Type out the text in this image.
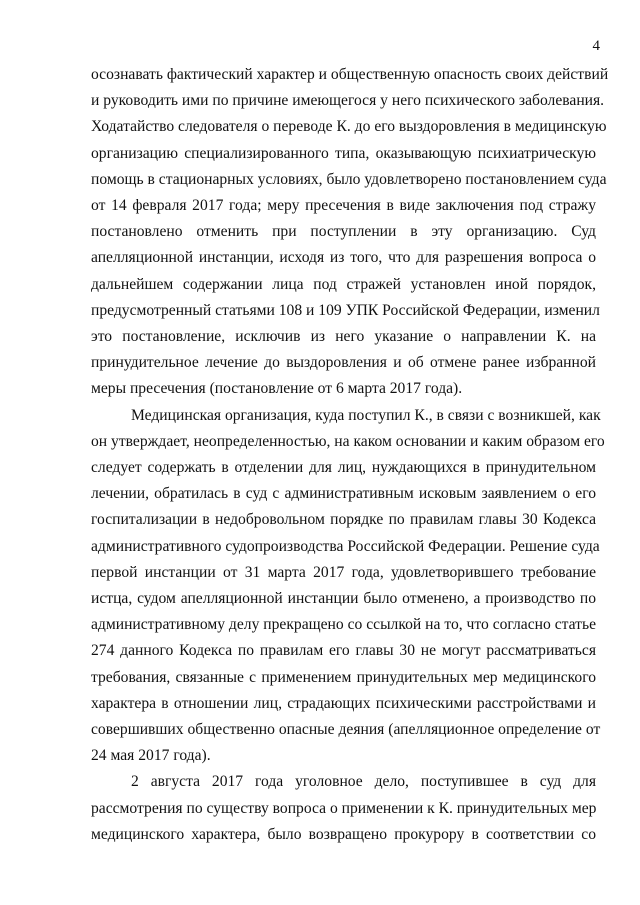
4
осознавать фактический характер и общественную опасность своих действий
и руководить ими по причине имеющегося у него психического заболевания.
Ходатайство следователя о переводе К. до его выздоровления в медицинскую
организацию специализированного типа, оказывающую психиатрическую
помощь в стационарных условиях, было удовлетворено постановлением суда
от 14 февраля 2017 года; меру пресечения в виде заключения под стражу
постановлено отменить при поступлении в эту организацию. Суд
апелляционной инстанции, исходя из того, что для разрешения вопроса о
дальнейшем содержании лица под стражей установлен иной порядок,
предусмотренный статьями 108 и 109 УПК Российской Федерации, изменил
это постановление, исключив из него указание о направлении К. на
принудительное лечение до выздоровления и об отмене ранее избранной
меры пресечения (постановление от 6 марта 2017 года).
Медицинская организация, куда поступил К., в связи с возникшей, как
он утверждает, неопределенностью, на каком основании и каким образом его
следует содержать в отделении для лиц, нуждающихся в принудительном
лечении, обратилась в суд с административным исковым заявлением о его
госпитализации в недобровольном порядке по правилам главы 30 Кодекса
административного судопроизводства Российской Федерации. Решение суда
первой инстанции от 31 марта 2017 года, удовлетворившего требование
истца, судом апелляционной инстанции было отменено, а производство по
административному делу прекращено со ссылкой на то, что согласно статье
274 данного Кодекса по правилам его главы 30 не могут рассматриваться
требования, связанные с применением принудительных мер медицинского
характера в отношении лиц, страдающих психическими расстройствами и
совершивших общественно опасные деяния (апелляционное определение от
24 мая 2017 года).
2 августа 2017 года уголовное дело, поступившее в суд для
рассмотрения по существу вопроса о применении к К. принудительных мер
медицинского характера, было возвращено прокурору в соответствии со
